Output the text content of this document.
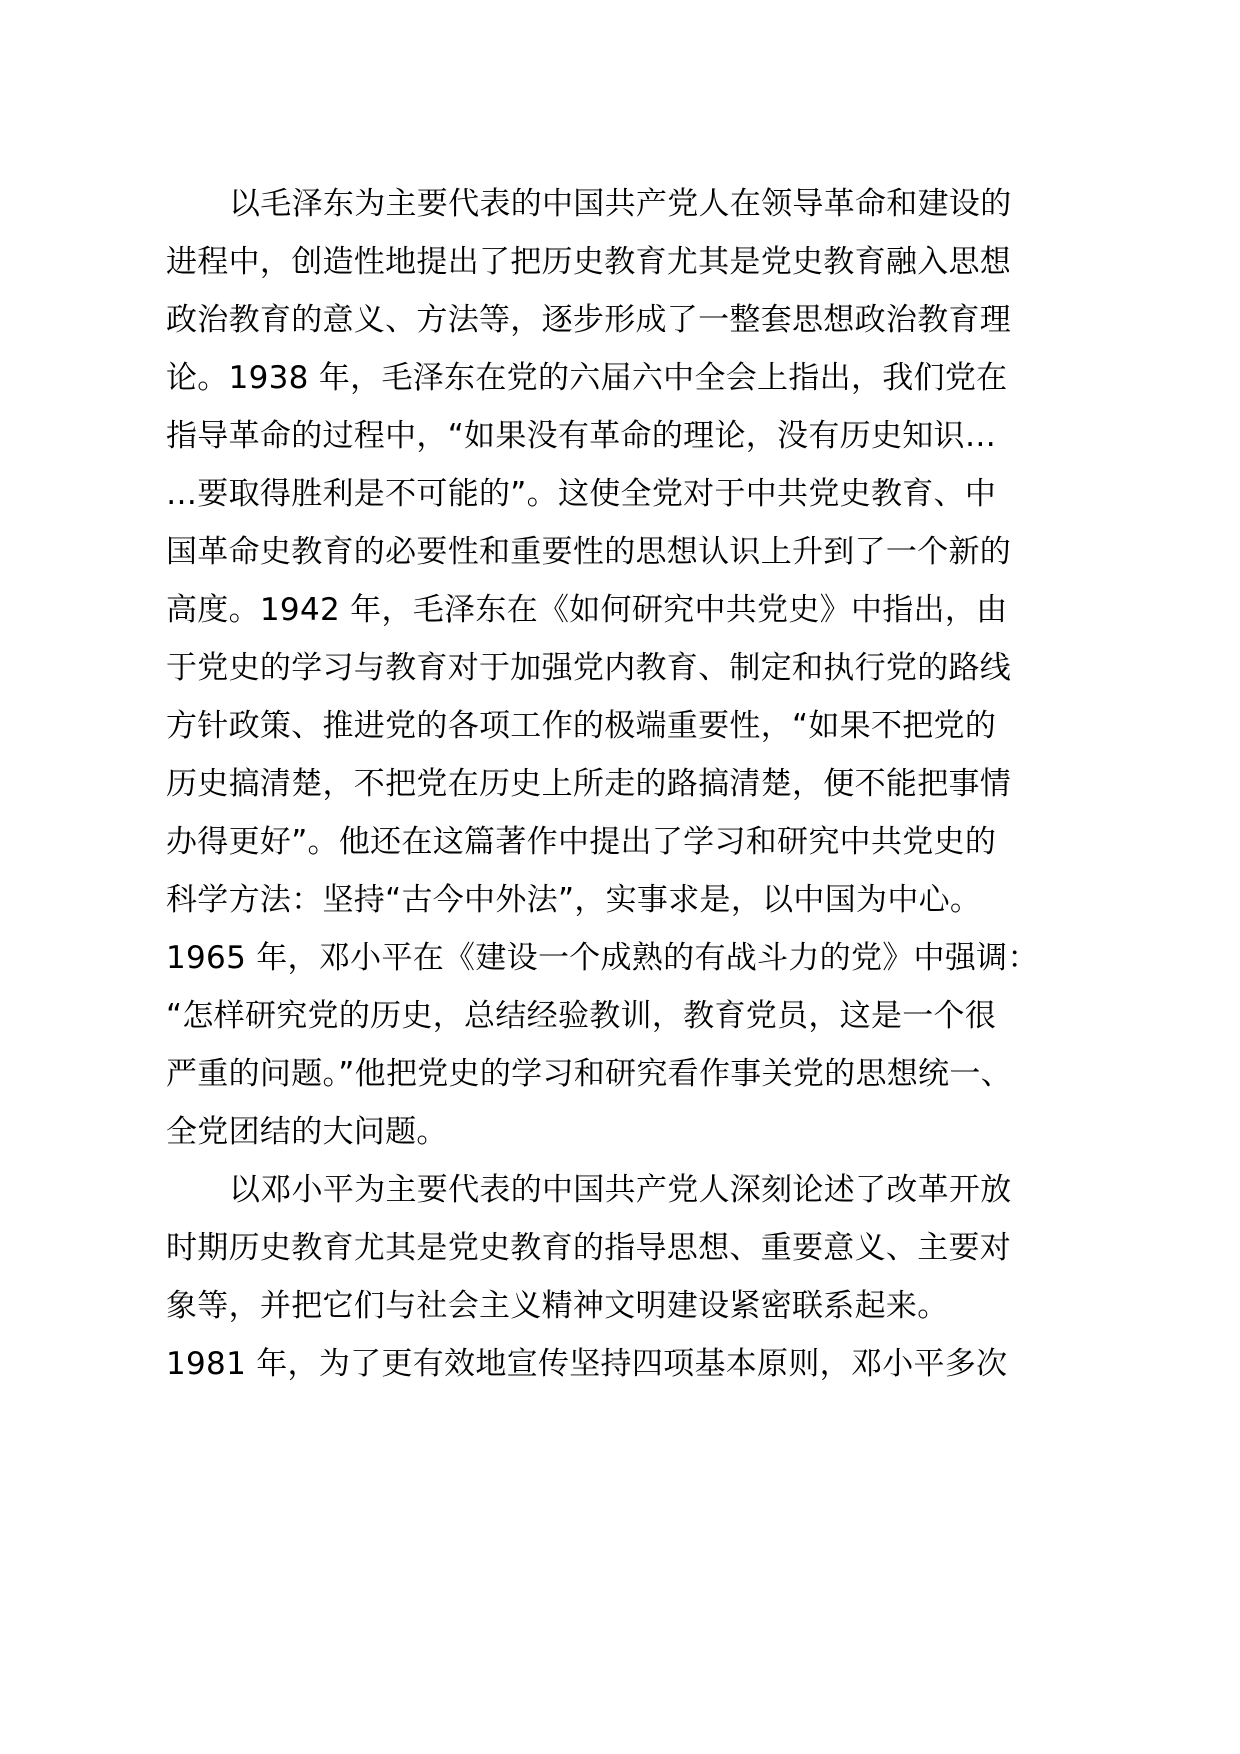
以毛泽东为主要代表的中国共产党人在领导革命和建设的
进程中，创造性地提出了把历史教育尤其是党史教育融入思想
政治教育的意义、方法等，逐步形成了一整套思想政治教育理
论。1938 年，毛泽东在党的六届六中全会上指出，我们党在
指导革命的过程中，“如果没有革命的理论，没有历史知识…
…要取得胜利是不可能的”。这使全党对于中共党史教育、中
国革命史教育的必要性和重要性的思想认识上升到了一个新的
高度。1942 年，毛泽东在《如何研究中共党史》中指出，由
于党史的学习与教育对于加强党内教育、制定和执行党的路线
方针政策、推进党的各项工作的极端重要性，“如果不把党的
历史搞清楚，不把党在历史上所走的路搞清楚，便不能把事情
办得更好”。他还在这篇著作中提出了学习和研究中共党史的
科学方法：坚持“古今中外法”，实事求是，以中国为中心。
1965 年，邓小平在《建设一个成熟的有战斗力的党》中强调：
“怎样研究党的历史，总结经验教训，教育党员，这是一个很
严重的问题。”他把党史的学习和研究看作事关党的思想统一、
全党团结的大问题。
以邓小平为主要代表的中国共产党人深刻论述了改革开放
时期历史教育尤其是党史教育的指导思想、重要意义、主要对
象等，并把它们与社会主义精神文明建设紧密联系起来。
1981 年，为了更有效地宣传坚持四项基本原则，邓小平多次
